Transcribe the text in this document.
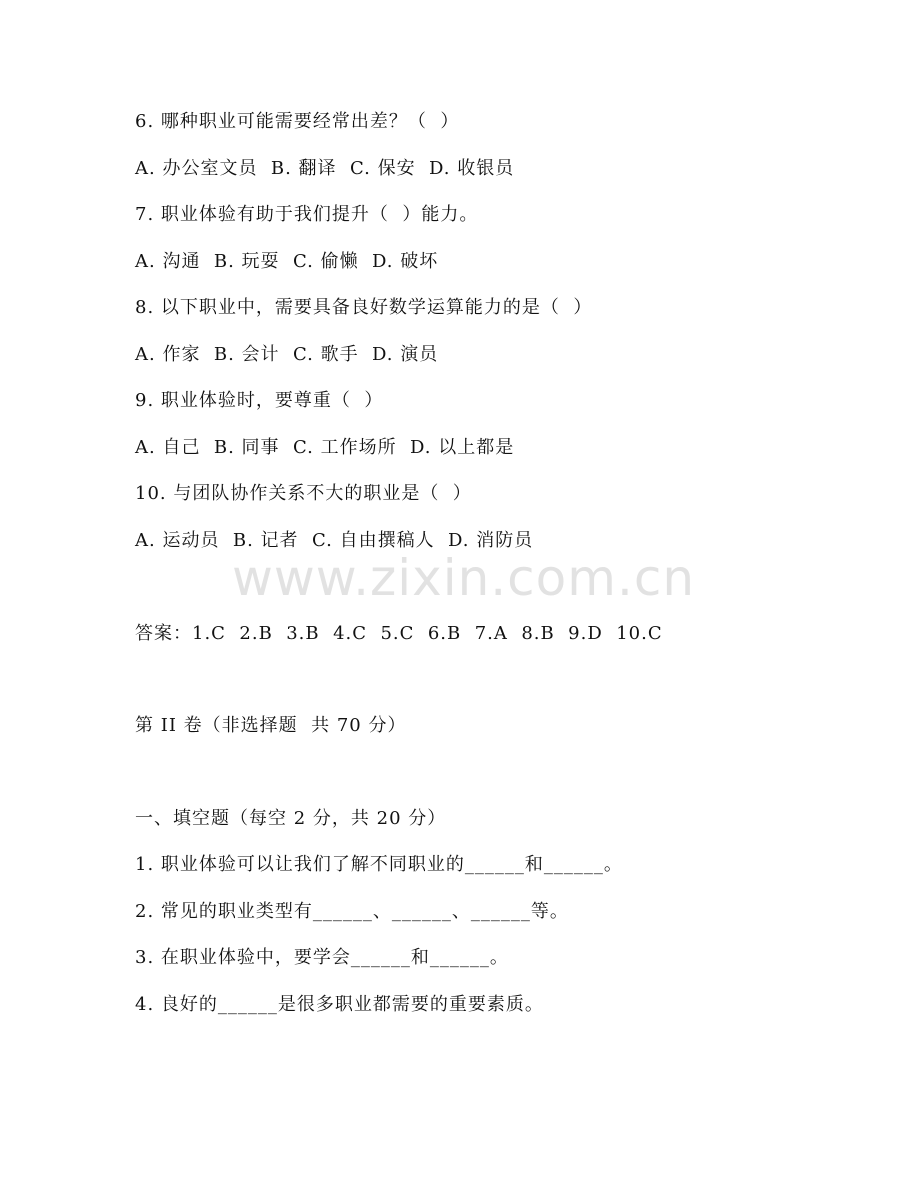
6. 哪种职业可能需要经常出差？（  ）
A. 办公室文员  B. 翻译  C. 保安  D. 收银员
7. 职业体验有助于我们提升（  ）能力。
A. 沟通  B. 玩耍  C. 偷懒  D. 破坏
8. 以下职业中，需要具备良好数学运算能力的是（  ）
A. 作家  B. 会计  C. 歌手  D. 演员
9. 职业体验时，要尊重（  ）
A. 自己  B. 同事  C. 工作场所  D. 以上都是
10. 与团队协作关系不大的职业是（  ）
A. 运动员  B. 记者  C. 自由撰稿人  D. 消防员
www.zixin.com.cn
答案：1.C  2.B  3.B  4.C  5.C  6.B  7.A  8.B  9.D  10.C
第 II 卷（非选择题  共 70 分）
一、填空题（每空 2 分，共 20 分）
1. 职业体验可以让我们了解不同职业的______和______。
2. 常见的职业类型有______、______、______等。
3. 在职业体验中，要学会______和______。
4. 良好的______是很多职业都需要的重要素质。
